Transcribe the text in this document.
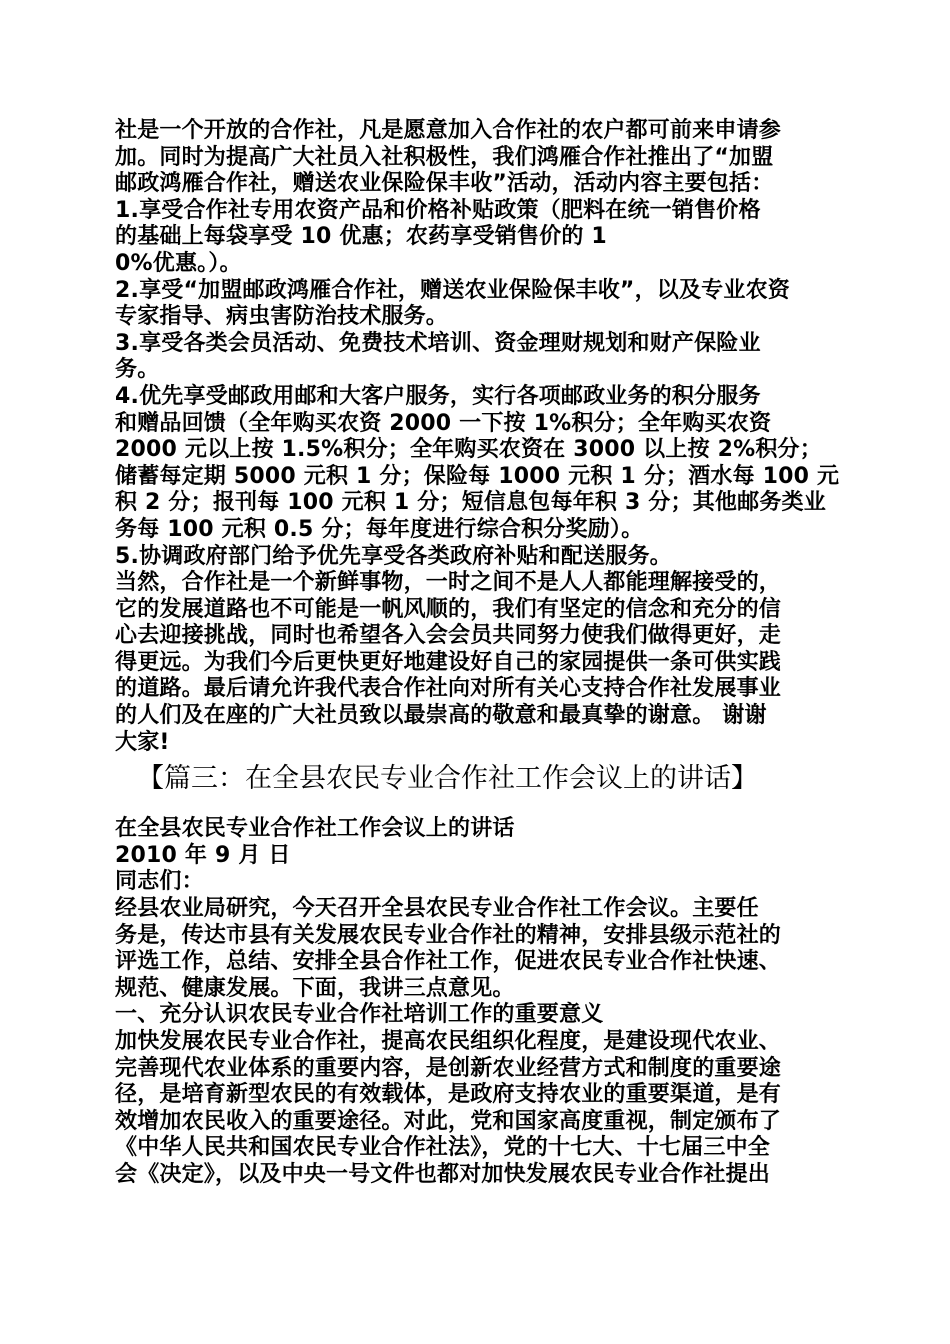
社是一个开放的合作社，凡是愿意加入合作社的农户都可前来申请参
加。同时为提高广大社员入社积极性，我们鸿雁合作社推出了“加盟
邮政鸿雁合作社，赠送农业保险保丰收”活动，活动内容主要包括：
1.享受合作社专用农资产品和价格补贴政策（肥料在统一销售价格
的基础上每袋享受 10 优惠；农药享受销售价的 1
0%优惠。）。
2.享受“加盟邮政鸿雁合作社，赠送农业保险保丰收”，以及专业农资
专家指导、病虫害防治技术服务。
3.享受各类会员活动、免费技术培训、资金理财规划和财产保险业
务。
4.优先享受邮政用邮和大客户服务，实行各项邮政业务的积分服务
和赠品回馈（全年购买农资 2000 一下按 1%积分；全年购买农资
2000 元以上按 1.5%积分；全年购买农资在 3000 以上按 2%积分；
储蓄每定期 5000 元积 1 分；保险每 1000 元积 1 分；酒水每 100 元
积 2 分；报刊每 100 元积 1 分；短信息包每年积 3 分；其他邮务类业
务每 100 元积 0.5 分；每年度进行综合积分奖励）。
5.协调政府部门给予优先享受各类政府补贴和配送服务。
当然，合作社是一个新鲜事物，一时之间不是人人都能理解接受的，
它的发展道路也不可能是一帆风顺的，我们有坚定的信念和充分的信
心去迎接挑战，同时也希望各入会会员共同努力使我们做得更好，走
得更远。为我们今后更快更好地建设好自己的家园提供一条可供实践
的道路。最后请允许我代表合作社向对所有关心支持合作社发展事业
的人们及在座的广大社员致以最崇高的敬意和最真挚的谢意。 谢谢
大家!
【篇三：在全县农民专业合作社工作会议上的讲话】
在全县农民专业合作社工作会议上的讲话
2010 年 9 月 日
同志们：
经县农业局研究，今天召开全县农民专业合作社工作会议。主要任
务是，传达市县有关发展农民专业合作社的精神，安排县级示范社的
评选工作，总结、安排全县合作社工作，促进农民专业合作社快速、
规范、健康发展。下面，我讲三点意见。
一、充分认识农民专业合作社培训工作的重要意义
加快发展农民专业合作社，提高农民组织化程度，是建设现代农业、
完善现代农业体系的重要内容，是创新农业经营方式和制度的重要途
径，是培育新型农民的有效载体，是政府支持农业的重要渠道，是有
效增加农民收入的重要途径。对此，党和国家高度重视，制定颁布了
《中华人民共和国农民专业合作社法》，党的十七大、十七届三中全
会《决定》，以及中央一号文件也都对加快发展农民专业合作社提出
